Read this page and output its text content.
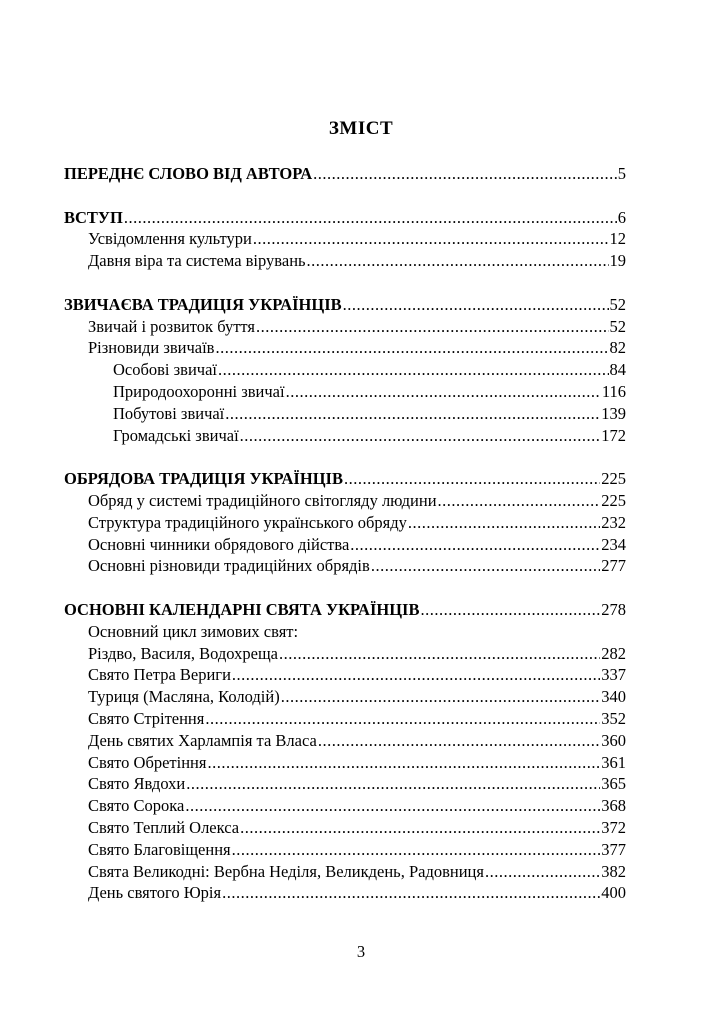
ЗМІСТ
ПЕРЕДНЄ СЛОВО ВІД АВТОРА .....	5
ВСТУП .....	6
Усвідомлення культури .....	12
Давня віра та система вірувань .....	19
ЗВИЧАЄВА ТРАДИЦІЯ УКРАЇНЦІВ .....	52
Звичай і розвиток буття .....	52
Різновиди звичаїв .....	82
Особові звичаї .....	84
Природоохоронні звичаї .....	116
Побутові звичаї .....	139
Громадські звичаї .....	172
ОБРЯДОВА ТРАДИЦІЯ УКРАЇНЦІВ .....	225
Обряд у системі традиційного світогляду людини .....	225
Структура традиційного українського обряду .....	232
Основні чинники обрядового дійства .....	234
Основні різновиди традиційних обрядів .....	277
ОСНОВНІ КАЛЕНДАРНІ СВЯТА УКРАЇНЦІВ .....	278
Основний цикл зимових свят:
Різдво, Василя, Водохреща .....	282
Свято Петра Вериги .....	337
Туриця (Масляна, Колодій) .....	340
Свято Стрітення .....	352
День святих Харлампія та Власа .....	360
Свято Обретіння .....	361
Свято Явдохи .....	365
Свято Сорока .....	368
Свято Теплий Олекса .....	372
Свято Благовіщення .....	377
Свята Великодні: Вербна Неділя, Великдень, Радовниця .....	382
День святого Юрія .....	400
3
